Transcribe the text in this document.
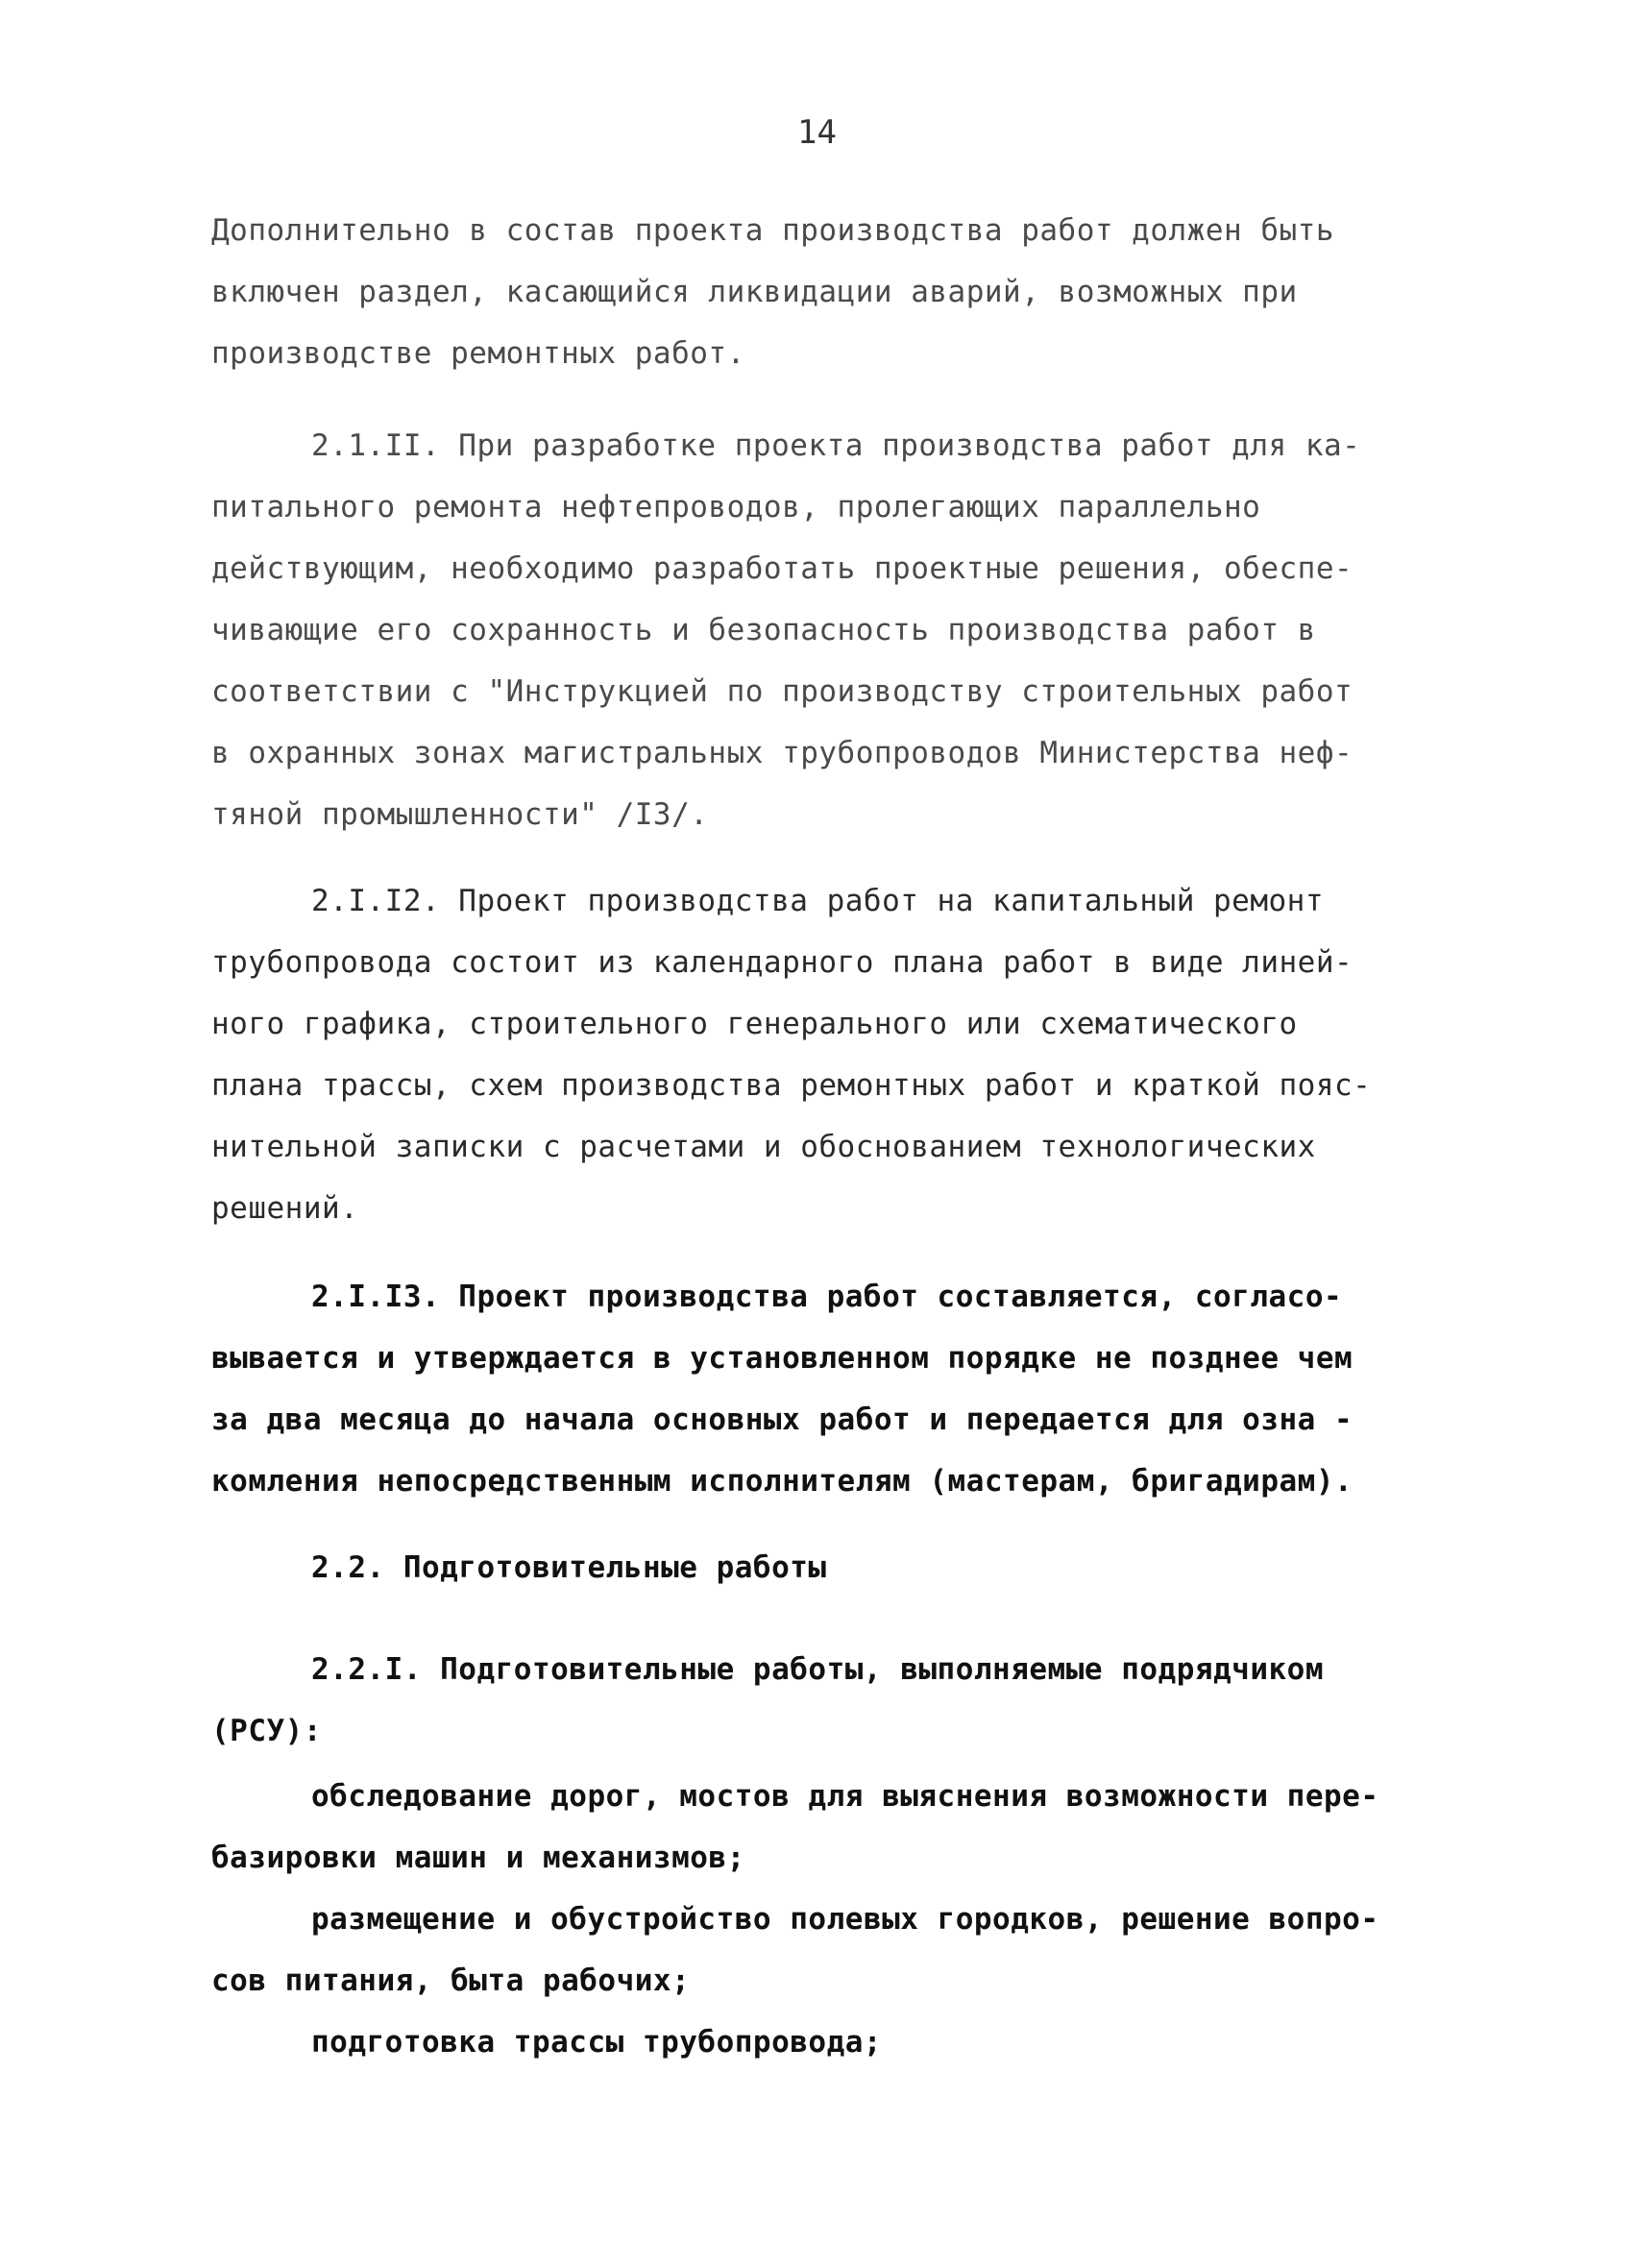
14
Дополнительно в состав проекта производства работ должен быть
включен раздел, касающийся ликвидации аварий, возможных при
производстве ремонтных работ.
2.1.II. При разработке проекта производства работ для ка-
питального ремонта нефтепроводов, пролегающих параллельно
действующим, необходимо разработать проектные решения, обеспе-
чивающие его сохранность и безопасность производства работ в
соответствии с "Инструкцией по производству строительных работ
в охранных зонах магистральных трубопроводов Министерства неф-
тяной промышленности" /I3/.
2.I.I2. Проект производства работ на капитальный ремонт
трубопровода состоит из календарного плана работ в виде линей-
ного графика, строительного генерального или схематического
плана трассы, схем производства ремонтных работ и краткой пояс-
нительной записки с расчетами и обоснованием технологических
решений.
2.I.I3. Проект производства работ составляется, согласо-
вывается и утверждается в установленном порядке не позднее чем
за два месяца до начала основных работ и передается для озна -
комления непосредственным исполнителям (мастерам, бригадирам).
2.2. Подготовительные работы
2.2.I. Подготовительные работы, выполняемые подрядчиком
(РСУ):
обследование дорог, мостов для выяснения возможности пере-
базировки машин и механизмов;
размещение и обустройство полевых городков, решение вопро-
сов питания, быта рабочих;
подготовка трассы трубопровода;
